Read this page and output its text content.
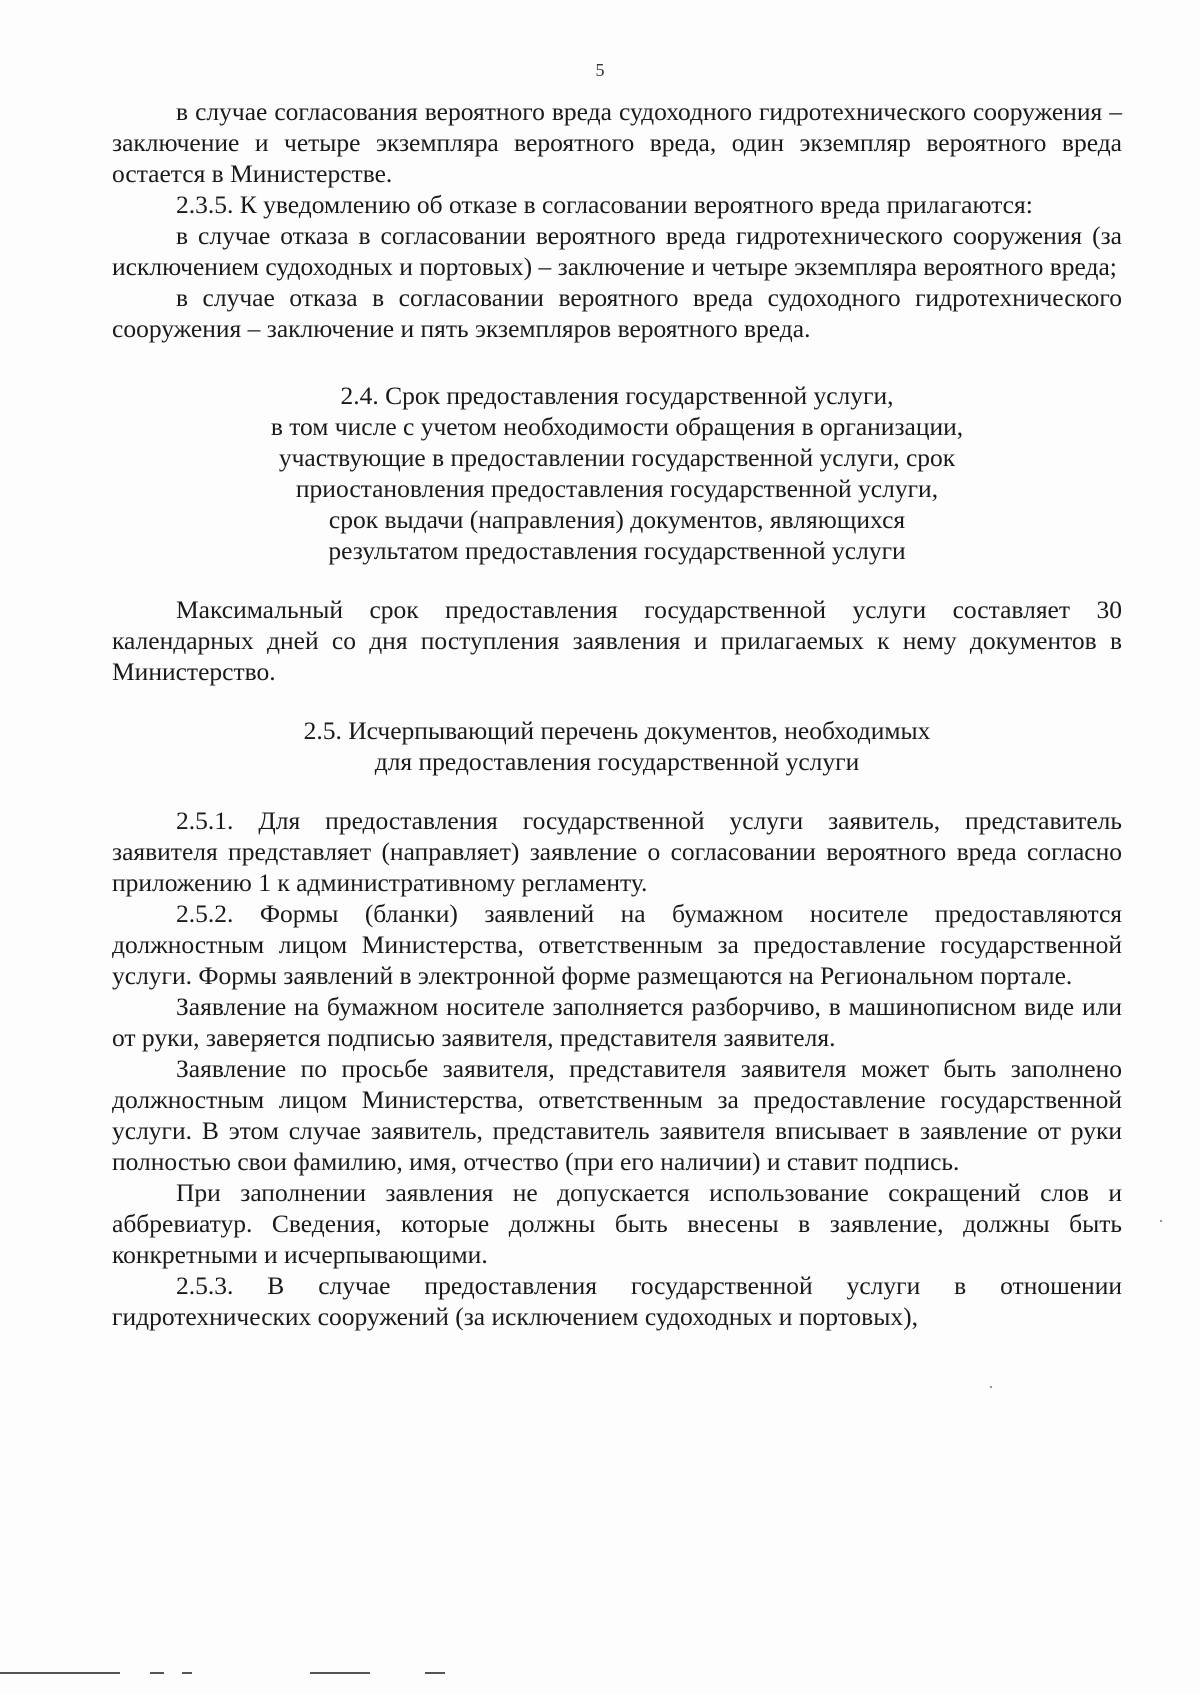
5

в случае согласования вероятного вреда судоходного гидротехнического сооружения – заключение и четыре экземпляра вероятного вреда, один экземпляр вероятного вреда остается в Министерстве.

2.3.5. К уведомлению об отказе в согласовании вероятного вреда прилагаются:

в случае отказа в согласовании вероятного вреда гидротехнического сооружения (за исключением судоходных и портовых) – заключение и четыре экземпляра вероятного вреда;

в случае отказа в согласовании вероятного вреда судоходного гидротехнического сооружения – заключение и пять экземпляров вероятного вреда.

2.4. Срок предоставления государственной услуги,
в том числе с учетом необходимости обращения в организации,
участвующие в предоставлении государственной услуги, срок
приостановления предоставления государственной услуги,
срок выдачи (направления) документов, являющихся
результатом предоставления государственной услуги

Максимальный срок предоставления государственной услуги составляет 30 календарных дней со дня поступления заявления и прилагаемых к нему документов в Министерство.

2.5. Исчерпывающий перечень документов, необходимых
для предоставления государственной услуги

2.5.1. Для предоставления государственной услуги заявитель, представитель заявителя представляет (направляет) заявление о согласовании вероятного вреда согласно приложению 1 к административному регламенту.

2.5.2. Формы (бланки) заявлений на бумажном носителе предоставляются должностным лицом Министерства, ответственным за предоставление государственной услуги. Формы заявлений в электронной форме размещаются на Региональном портале.

Заявление на бумажном носителе заполняется разборчиво, в машинописном виде или от руки, заверяется подписью заявителя, представителя заявителя.

Заявление по просьбе заявителя, представителя заявителя может быть заполнено должностным лицом Министерства, ответственным за предоставление государственной услуги. В этом случае заявитель, представитель заявителя вписывает в заявление от руки полностью свои фамилию, имя, отчество (при его наличии) и ставит подпись.

При заполнении заявления не допускается использование сокращений слов и аббревиатур. Сведения, которые должны быть внесены в заявление, должны быть конкретными и исчерпывающими.

2.5.3. В случае предоставления государственной услуги в отношении гидротехнических сооружений (за исключением судоходных и портовых),
